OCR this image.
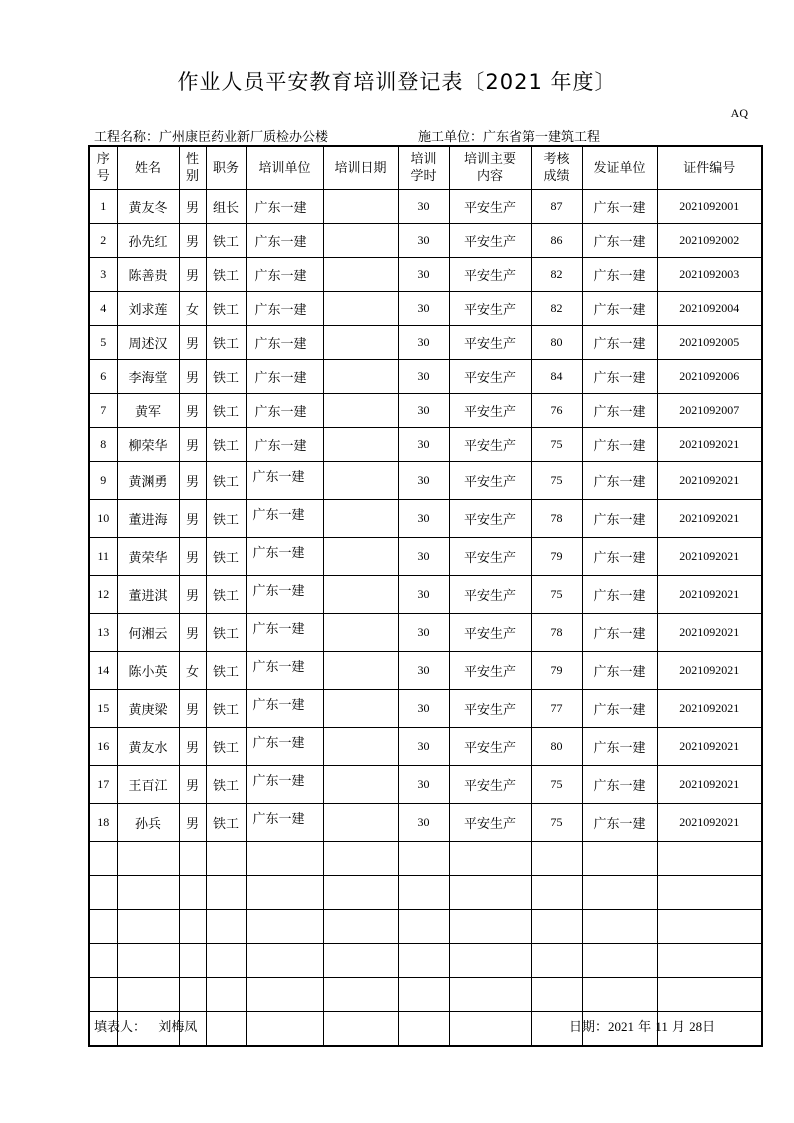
作业人员平安教育培训登记表〔2021 年度〕
AQ
工程名称：广州康臣药业新厂质检办公楼	施工单位：广东省第一建筑工程
序号	姓名	性别	职务	培训单位	培训日期	培训学时	培训主要内容	考核成绩	发证单位	证件编号
1	黄友冬	男	组长	广东一建		30	平安生产	87	广东一建	2021092001
2	孙先红	男	铁工	广东一建		30	平安生产	86	广东一建	2021092002
3	陈善贵	男	铁工	广东一建		30	平安生产	82	广东一建	2021092003
4	刘求莲	女	铁工	广东一建		30	平安生产	82	广东一建	2021092004
5	周述汉	男	铁工	广东一建		30	平安生产	80	广东一建	2021092005
6	李海堂	男	铁工	广东一建		30	平安生产	84	广东一建	2021092006
7	黄军	男	铁工	广东一建		30	平安生产	76	广东一建	2021092007
8	柳荣华	男	铁工	广东一建		30	平安生产	75	广东一建	2021092021
9	黄渊勇	男	铁工	广东一建		30	平安生产	75	广东一建	2021092021
10	董进海	男	铁工	广东一建		30	平安生产	78	广东一建	2021092021
11	黄荣华	男	铁工	广东一建		30	平安生产	79	广东一建	2021092021
12	董进淇	男	铁工	广东一建		30	平安生产	75	广东一建	2021092021
13	何湘云	男	铁工	广东一建		30	平安生产	78	广东一建	2021092021
14	陈小英	女	铁工	广东一建		30	平安生产	79	广东一建	2021092021
15	黄庚梁	男	铁工	广东一建		30	平安生产	77	广东一建	2021092021
16	黄友水	男	铁工	广东一建		30	平安生产	80	广东一建	2021092021
17	王百江	男	铁工	广东一建		30	平安生产	75	广东一建	2021092021
18	孙兵	男	铁工	广东一建		30	平安生产	75	广东一建	2021092021

填表人： 刘梅凤	日期：2021 年 11 月 28日
